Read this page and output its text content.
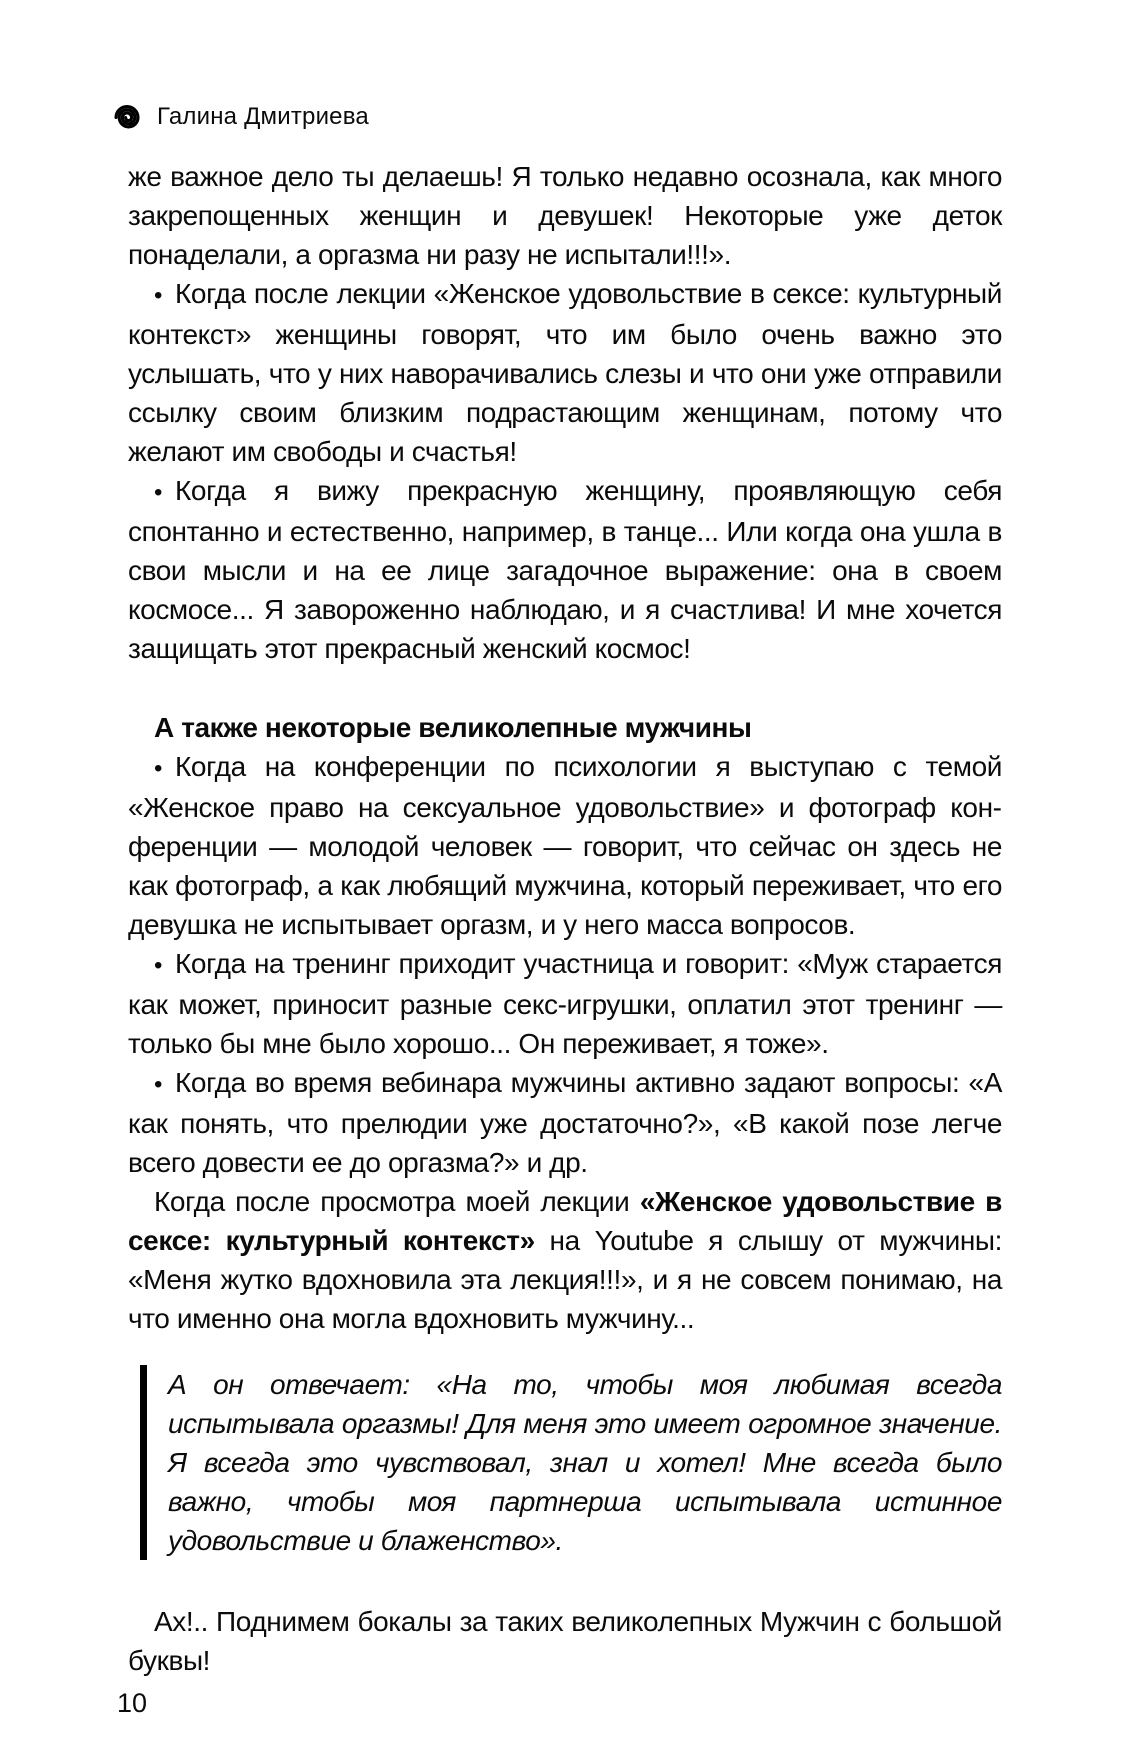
Галина Дмитриева

же важное дело ты делаешь! Я только недавно осознала, как много закрепощенных женщин и девушек! Некоторые уже деток понаделали, а оргазма ни разу не испытали!!!».

• Когда после лекции «Женское удовольствие в сексе: культурный контекст» женщины говорят, что им было очень важно это услышать, что у них наворачивались слезы и что они уже отправили ссылку своим близким подрастающим женщинам, потому что желают им свободы и счастья!

• Когда я вижу прекрасную женщину, проявляющую себя спонтанно и естественно, например, в танце... Или когда она ушла в свои мысли и на ее лице загадочное выражение: она в своем космосе... Я завороженно наблюдаю, и я счастлива! И мне хочется защищать этот прекрасный женский космос!

А также некоторые великолепные мужчины

• Когда на конференции по психологии я выступаю с темой «Женское право на сексуальное удовольствие» и фотограф конференции — молодой человек — говорит, что сейчас он здесь не как фотограф, а как любящий мужчина, который переживает, что его девушка не испытывает оргазм, и у него масса вопросов.

• Когда на тренинг приходит участница и говорит: «Муж старается как может, приносит разные секс-игрушки, оплатил этот тренинг — только бы мне было хорошо... Он переживает, я тоже».

• Когда во время вебинара мужчины активно задают вопросы: «А как понять, что прелюдии уже достаточно?», «В какой позе легче всего довести ее до оргазма?» и др.

Когда после просмотра моей лекции «Женское удовольствие в сексе: культурный контекст» на Youtube я слышу от мужчины: «Меня жутко вдохновила эта лекция!!!», и я не совсем понимаю, на что именно она могла вдохновить мужчину...

А он отвечает: «На то, чтобы моя любимая всегда испытывала оргазмы! Для меня это имеет огромное значение. Я всегда это чувствовал, знал и хотел! Мне всегда было важно, чтобы моя партнерша испытывала истинное удовольствие и блаженство».

Ах!.. Поднимем бокалы за таких великолепных Мужчин с большой буквы!

10
